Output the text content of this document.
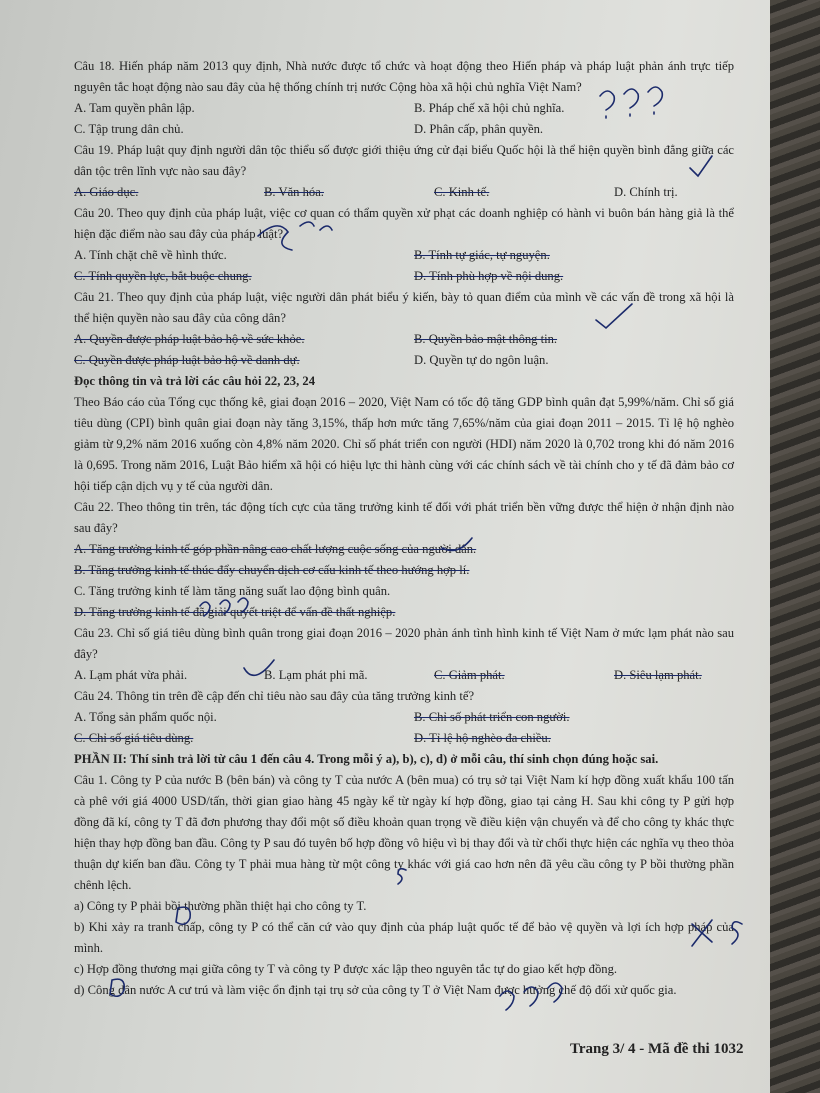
Câu 18. Hiến pháp năm 2013 quy định, Nhà nước được tổ chức và hoạt động theo Hiến pháp và pháp luật phản ánh trực tiếp nguyên tắc hoạt động nào sau đây của hệ thống chính trị nước Cộng hòa xã hội chủ nghĩa Việt Nam?

A. Tam quyền phân lập.	B. Pháp chế xã hội chủ nghĩa.
C. Tập trung dân chủ.	D. Phân cấp, phân quyền.

Câu 19. Pháp luật quy định người dân tộc thiểu số được giới thiệu ứng cử đại biểu Quốc hội là thể hiện quyền bình đẳng giữa các dân tộc trên lĩnh vực nào sau đây?

A. Giáo dục.	B. Văn hóa.	C. Kinh tế.	D. Chính trị.

Câu 20. Theo quy định của pháp luật, việc cơ quan có thẩm quyền xử phạt các doanh nghiệp có hành vi buôn bán hàng giả là thể hiện đặc điểm nào sau đây của pháp luật?

A. Tính chặt chẽ về hình thức.	B. Tính tự giác, tự nguyện.
C. Tính quyền lực, bắt buộc chung.	D. Tính phù hợp về nội dung.

Câu 21. Theo quy định của pháp luật, việc người dân phát biểu ý kiến, bày tỏ quan điểm của mình về các vấn đề trong xã hội là thể hiện quyền nào sau đây của công dân?

A. Quyền được pháp luật bảo hộ về sức khỏe.	B. Quyền bảo mật thông tin.
C. Quyền được pháp luật bảo hộ về danh dự.	D. Quyền tự do ngôn luận.

Đọc thông tin và trả lời các câu hỏi 22, 23, 24

Theo Báo cáo của Tổng cục thống kê, giai đoạn 2016 – 2020, Việt Nam có tốc độ tăng GDP bình quân đạt 5,99%/năm. Chỉ số giá tiêu dùng (CPI) bình quân giai đoạn này tăng 3,15%, thấp hơn mức tăng 7,65%/năm của giai đoạn 2011 – 2015. Tỉ lệ hộ nghèo giảm từ 9,2% năm 2016 xuống còn 4,8% năm 2020. Chỉ số phát triển con người (HDI) năm 2020 là 0,702 trong khi đó năm 2016 là 0,695. Trong năm 2016, Luật Bảo hiểm xã hội có hiệu lực thi hành cùng với các chính sách về tài chính cho y tế đã đảm bảo cơ hội tiếp cận dịch vụ y tế của người dân.

Câu 22. Theo thông tin trên, tác động tích cực của tăng trưởng kinh tế đối với phát triển bền vững được thể hiện ở nhận định nào sau đây?

A. Tăng trưởng kinh tế góp phần nâng cao chất lượng cuộc sống của người dân.
B. Tăng trưởng kinh tế thúc đẩy chuyển dịch cơ cấu kinh tế theo hướng hợp lí.
C. Tăng trưởng kinh tế làm tăng năng suất lao động bình quân.
D. Tăng trưởng kinh tế đã giải quyết triệt để vấn đề thất nghiệp.

Câu 23. Chỉ số giá tiêu dùng bình quân trong giai đoạn 2016 – 2020 phản ánh tình hình kinh tế Việt Nam ở mức lạm phát nào sau đây?

A. Lạm phát vừa phải.	B. Lạm phát phi mã.	C. Giảm phát.	D. Siêu lạm phát.

Câu 24. Thông tin trên đề cập đến chỉ tiêu nào sau đây của tăng trưởng kinh tế?

A. Tổng sản phẩm quốc nội.	B. Chỉ số phát triển con người.
C. Chỉ số giá tiêu dùng.	D. Tỉ lệ hộ nghèo đa chiều.

PHẦN II: Thí sinh trả lời từ câu 1 đến câu 4. Trong mỗi ý a), b), c), d) ở mỗi câu, thí sinh chọn đúng hoặc sai.

Câu 1. Công ty P của nước B (bên bán) và công ty T của nước A (bên mua) có trụ sở tại Việt Nam kí hợp đồng xuất khẩu 100 tấn cà phê với giá 4000 USD/tấn, thời gian giao hàng 45 ngày kể từ ngày kí hợp đồng, giao tại cảng H. Sau khi công ty P gửi hợp đồng đã kí, công ty T đã đơn phương thay đổi một số điều khoản quan trọng về điều kiện vận chuyển và để cho công ty khác thực hiện thay hợp đồng ban đầu. Công ty P sau đó tuyên bố hợp đồng vô hiệu vì bị thay đổi và từ chối thực hiện các nghĩa vụ theo thỏa thuận dự kiến ban đầu. Công ty T phải mua hàng từ một công ty khác với giá cao hơn nên đã yêu cầu công ty P bồi thường phần chênh lệch.

a) Công ty P phải bồi thường phần thiệt hại cho công ty T.

b) Khi xảy ra tranh chấp, công ty P có thể căn cứ vào quy định của pháp luật quốc tế để bảo vệ quyền và lợi ích hợp pháp của mình.

c) Hợp đồng thương mại giữa công ty T và công ty P được xác lập theo nguyên tắc tự do giao kết hợp đồng.

d) Công dân nước A cư trú và làm việc ổn định tại trụ sở của công ty T ở Việt Nam được hưởng chế độ đối xử quốc gia.

Trang 3/ 4 - Mã đề thi 1032
